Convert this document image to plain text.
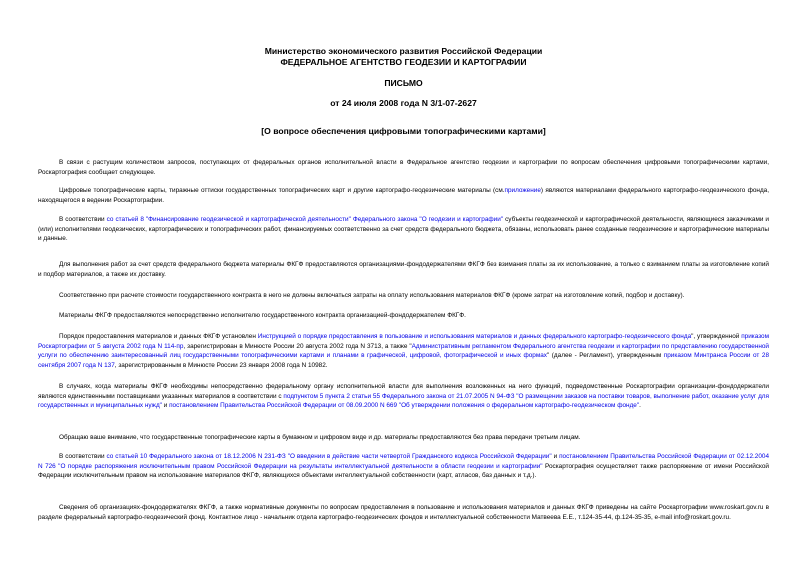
Министерство экономического развития Российской Федерации
ФЕДЕРАЛЬНОЕ АГЕНТСТВО ГЕОДЕЗИИ И КАРТОГРАФИИ
ПИСЬМО
от 24 июля 2008 года N 3/1-07-2627
[О вопросе обеспечения цифровыми топографическими картами]

В связи с растущим количеством запросов, поступающих от федеральных органов исполнительной власти в Федеральное агентство геодезии и картографии по вопросам обеспечения цифровыми топографическими картами, Роскартография сообщает следующее.

Цифровые топографические карты, тиражные оттиски государственных топографических карт и другие картографо-геодезические материалы (см.приложение) являются материалами федерального картографо-геодезического фонда, находящегося в ведении Роскартографии.

В соответствии со статьей 8 "Финансирование геодезической и картографической деятельности" Федерального закона "О геодезии и картографии" субъекты геодезической и картографической деятельности, являющиеся заказчиками и (или) исполнителями геодезических, картографических и топографических работ, финансируемых соответственно за счет средств федерального бюджета, обязаны, использовать ранее созданные геодезические и картографические материалы и данные.

Для выполнения работ за счет средств федерального бюджета материалы ФКГФ предоставляются организациями-фондодержателями ФКГФ без взимания платы за их использование, а только с взиманием платы за изготовление копий и подбор материалов, а также их доставку.

Соответственно при расчете стоимости государственного контракта в него не должны включаться затраты на оплату использования материалов ФКГФ (кроме затрат на изготовление копий, подбор и доставку).

Материалы ФКГФ предоставляются непосредственно исполнителю государственного контракта организацией-фондодержателем ФКГФ.

Порядок предоставления материалов и данных ФКГФ установлен Инструкцией о порядке предоставления в пользование и использования материалов и данных федерального картографо-геодезического фонда", утвержденной приказом Роскартографии от 5 августа 2002 года N 114-пр, зарегистрирован в Минюсте России 20 августа 2002 года N 3713, а также "Административным регламентом Федерального агентства геодезии и картографии по представлению государственной услуги по обеспечению заинтересованный лиц государственными топографическими картами и планами в графической, цифровой, фотографической и иных формах" (далее - Регламент), утвержденным приказом Минтранса России от 28 сентября 2007 года N 137, зарегистрированным в Минюсте России 23 января 2008 года N 10982.

В случаях, когда материалы ФКГФ необходимы непосредственно федеральному органу исполнительной власти для выполнения возложенных на него функций, подведомственные Роскартографии организации-фондодержатели являются единственными поставщиками указанных материалов в соответствии с подпунктом 5 пункта 2 статьи 55 Федерального закона от 21.07.2005 N 94-ФЗ "О размещении заказов на поставки товаров, выполнение работ, оказание услуг для государственных и муниципальных нужд" и постановлением Правительства Российской Федерации от 08.09.2000 N 669 "Об утверждении положения о федеральном картографо-геодезическом фонде".

Обращаю ваше внимание, что государственные топографические карты в бумажном и цифровом виде и др. материалы предоставляются без права передачи третьим лицам.

В соответствии со статьей 10 Федерального закона от 18.12.2006 N 231-ФЗ "О введении в действие части четвертой Гражданского кодекса Российской Федерации" и постановлением Правительства Российской Федерации от 02.12.2004 N 726 "О порядке распоряжения исключительным правом Российской Федерации на результаты интеллектуальной деятельности в области геодезии и картографии" Роскартография осуществляет также распоряжение от имени Российской Федерации исключительным правом на использование материалов ФКГФ, являющихся объектами интеллектуальной собственности (карт, атласов, баз данных и т.д.).

Сведения об организациях-фондодержателях ФКГФ, а также нормативные документы по вопросам предоставления в пользование и использования материалов и данных ФКГФ приведены на сайте Роскартографии www.roskart.gov.ru в разделе федеральный картографо-геодезический фонд. Контактное лицо - начальник отдела картографо-геодезических фондов и интеллектуальной собственности Матвеева Е.Е., т.124-35-44, ф.124-35-35, e-mail info@roskart.gov.ru.
